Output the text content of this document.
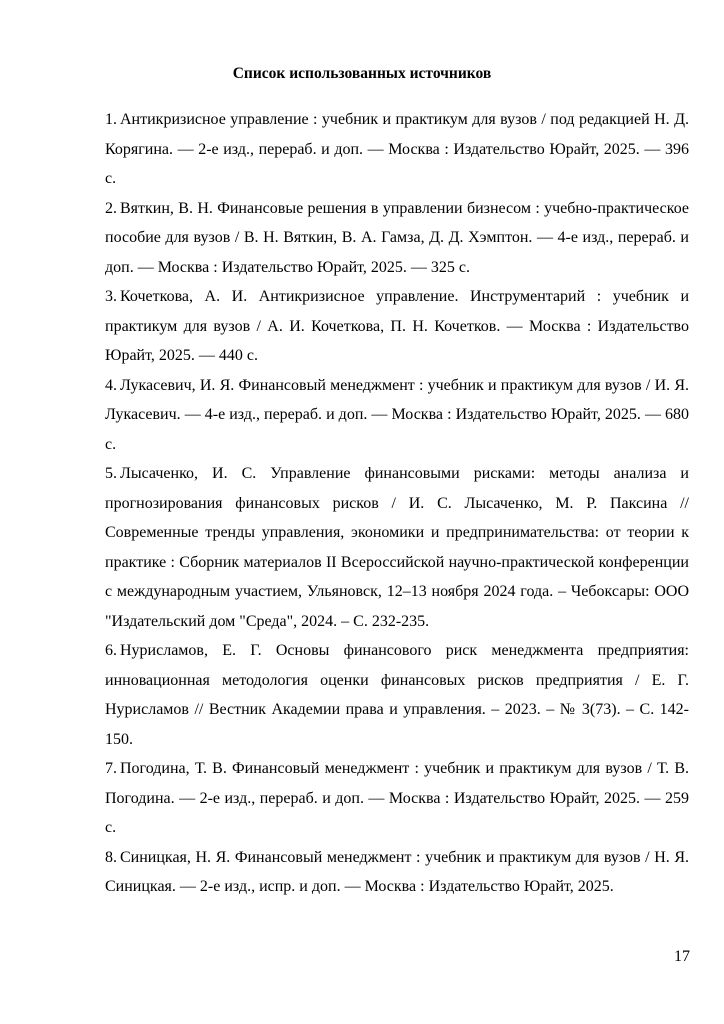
Список использованных источников
1. Антикризисное управление : учебник и практикум для вузов / под редакцией Н. Д. Корягина. — 2-е изд., перераб. и доп. — Москва : Издательство Юрайт, 2025. — 396 с.
2. Вяткин, В. Н. Финансовые решения в управлении бизнесом : учебно-практическое пособие для вузов / В. Н. Вяткин, В. А. Гамза, Д. Д. Хэмптон. — 4-е изд., перераб. и доп. — Москва : Издательство Юрайт, 2025. — 325 с.
3. Кочеткова, А. И. Антикризисное управление. Инструментарий : учебник и практикум для вузов / А. И. Кочеткова, П. Н. Кочетков. — Москва : Издательство Юрайт, 2025. — 440 с.
4. Лукасевич, И. Я. Финансовый менеджмент : учебник и практикум для вузов / И. Я. Лукасевич. — 4-е изд., перераб. и доп. — Москва : Издательство Юрайт, 2025. — 680 с.
5. Лысаченко, И. С. Управление финансовыми рисками: методы анализа и прогнозирования финансовых рисков / И. С. Лысаченко, М. Р. Паксина // Современные тренды управления, экономики и предпринимательства: от теории к практике : Сборник материалов II Всероссийской научно-практической конференции с международным участием, Ульяновск, 12–13 ноября 2024 года. – Чебоксары: ООО "Издательский дом "Среда", 2024. – С. 232-235.
6. Нурисламов, Е. Г. Основы финансового риск менеджмента предприятия: инновационная методология оценки финансовых рисков предприятия / Е. Г. Нурисламов // Вестник Академии права и управления. – 2023. – № 3(73). – С. 142-150.
7. Погодина, Т. В. Финансовый менеджмент : учебник и практикум для вузов / Т. В. Погодина. — 2-е изд., перераб. и доп. — Москва : Издательство Юрайт, 2025. — 259 с.
8. Синицкая, Н. Я. Финансовый менеджмент : учебник и практикум для вузов / Н. Я. Синицкая. — 2-е изд., испр. и доп. — Москва : Издательство Юрайт, 2025.
17
